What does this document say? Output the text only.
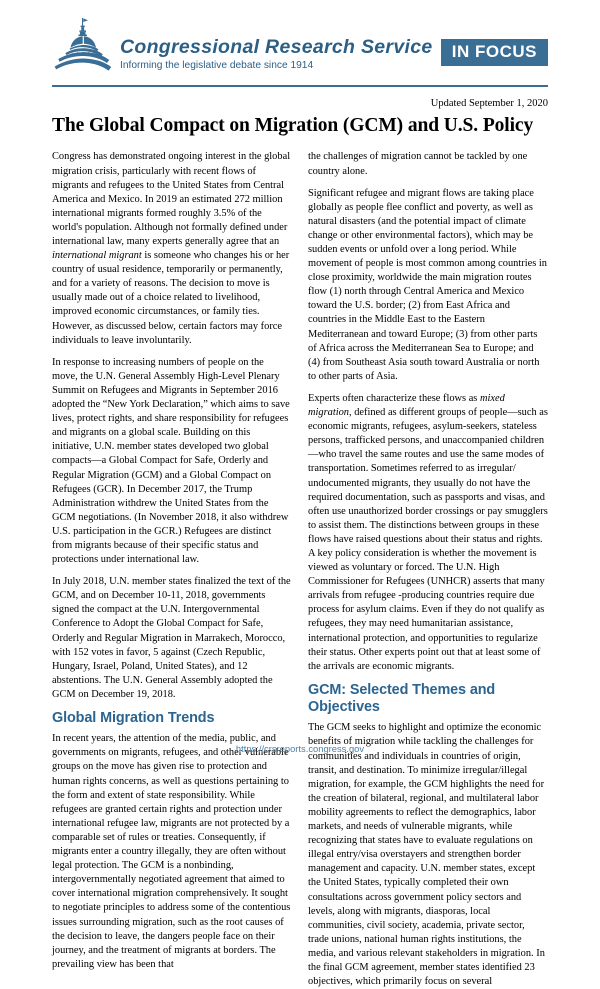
Congressional Research Service
Informing the legislative debate since 1914
IN FOCUS
Updated September 1, 2020
The Global Compact on Migration (GCM) and U.S. Policy

Congress has demonstrated ongoing interest in the global migration crisis, particularly with recent flows of migrants and refugees to the United States from Central America and Mexico. In 2019 an estimated 272 million international migrants formed roughly 3.5% of the world's population. Although not formally defined under international law, many experts generally agree that an international migrant is someone who changes his or her country of usual residence, temporarily or permanently, and for a variety of reasons. The decision to move is usually made out of a choice related to livelihood, improved economic circumstances, or family ties. However, as discussed below, certain factors may force individuals to leave involuntarily.

In response to increasing numbers of people on the move, the U.N. General Assembly High-Level Plenary Summit on Refugees and Migrants in September 2016 adopted the “New York Declaration,” which aims to save lives, protect rights, and share responsibility for refugees and migrants on a global scale. Building on this initiative, U.N. member states developed two global compacts—a Global Compact for Safe, Orderly and Regular Migration (GCM) and a Global Compact on Refugees (GCR). In December 2017, the Trump Administration withdrew the United States from the GCM negotiations. (In November 2018, it also withdrew U.S. participation in the GCR.) Refugees are distinct from migrants because of their specific status and protections under international law.

In July 2018, U.N. member states finalized the text of the GCM, and on December 10-11, 2018, governments signed the compact at the U.N. Intergovernmental Conference to Adopt the Global Compact for Safe, Orderly and Regular Migration in Marrakech, Morocco, with 152 votes in favor, 5 against (Czech Republic, Hungary, Israel, Poland, United States), and 12 abstentions. The U.N. General Assembly adopted the GCM on December 19, 2018.

Global Migration Trends

In recent years, the attention of the media, public, and governments on migrants, refugees, and other vulnerable groups on the move has given rise to protection and human rights concerns, as well as questions pertaining to the form and extent of state responsibility. While refugees are granted certain rights and protection under international refugee law, migrants are not protected by a comparable set of rules or treaties. Consequently, if migrants enter a country illegally, they are often without legal protection. The GCM is a nonbinding, intergovernmentally negotiated agreement that aimed to cover international migration comprehensively. It sought to negotiate principles to address some of the contentious issues surrounding migration, such as the root causes of the decision to leave, the dangers people face on their journey, and the treatment of migrants at borders. The prevailing view has been that

the challenges of migration cannot be tackled by one country alone.

Significant refugee and migrant flows are taking place globally as people flee conflict and poverty, as well as natural disasters (and the potential impact of climate change or other environmental factors), which may be sudden events or unfold over a long period. While movement of people is most common among countries in close proximity, worldwide the main migration routes flow (1) north through Central America and Mexico toward the U.S. border; (2) from East Africa and countries in the Middle East to the Eastern Mediterranean and toward Europe; (3) from other parts of Africa across the Mediterranean Sea to Europe; and (4) from Southeast Asia south toward Australia or north to other parts of Asia.

Experts often characterize these flows as mixed migration, defined as different groups of people—such as economic migrants, refugees, asylum-seekers, stateless persons, trafficked persons, and unaccompanied children—who travel the same routes and use the same modes of transportation. Sometimes referred to as irregular/ undocumented migrants, they usually do not have the required documentation, such as passports and visas, and often use unauthorized border crossings or pay smugglers to assist them. The distinctions between groups in these flows have raised questions about their status and rights. A key policy consideration is whether the movement is viewed as voluntary or forced. The U.N. High Commissioner for Refugees (UNHCR) asserts that many arrivals from refugee -producing countries require due process for asylum claims. Even if they do not qualify as refugees, they may need humanitarian assistance, international protection, and opportunities to regularize their status. Other experts point out that at least some of the arrivals are economic migrants.

GCM: Selected Themes and Objectives

The GCM seeks to highlight and optimize the economic benefits of migration while tackling the challenges for communities and individuals in countries of origin, transit, and destination. To minimize irregular/illegal migration, for example, the GCM highlights the need for the creation of bilateral, regional, and multilateral labor mobility agreements to reflect the demographics, labor markets, and needs of vulnerable migrants, while recognizing that states have to evaluate regulations on illegal entry/visa overstayers and strengthen border management and capacity. U.N. member states, except the United States, typically completed their own consultations across government policy sectors and levels, along with migrants, diasporas, local communities, civil society, academia, private sector, trade unions, national human rights institutions, the media, and various relevant stakeholders in migration. In the final GCM agreement, member states identified 23 objectives, which primarily focus on several

https://crsreports.congress.gov
